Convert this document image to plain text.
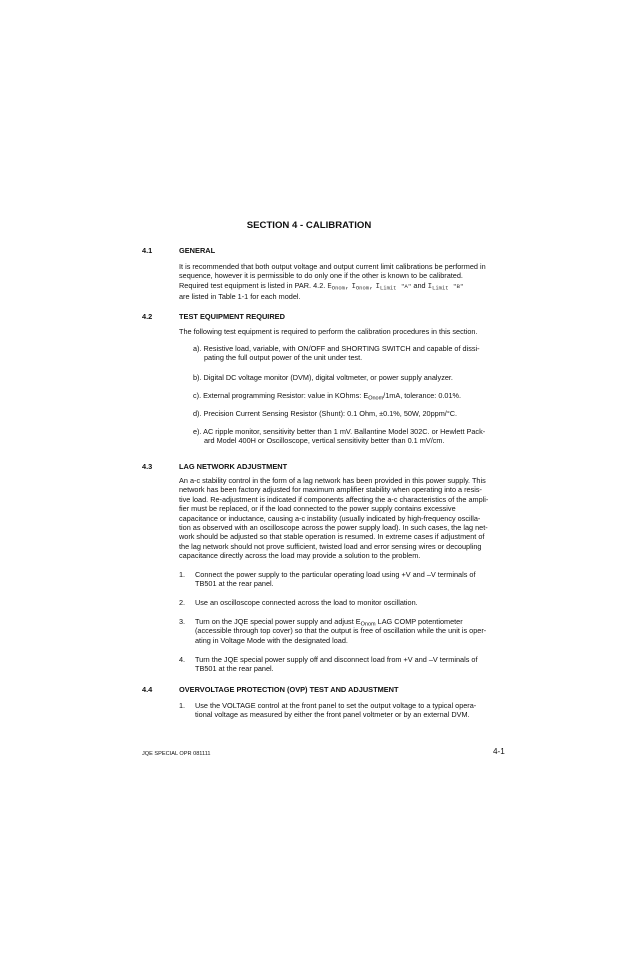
SECTION 4 - CALIBRATION
4.1	GENERAL
It is recommended that both output voltage and output current limit calibrations be performed in
sequence, however it is permissible to do only one if the other is known to be calibrated.
Required test equipment is listed in PAR. 4.2. $E_{Onom}$, $I_{Onom}$, $I_{Limit}$ "A" and $I_{Limit}$ "B"
are listed in Table 1-1 for each model.
4.2	TEST EQUIPMENT REQUIRED
The following test equipment is required to perform the calibration procedures in this section.
a). Resistive load, variable, with ON/OFF and SHORTING SWITCH and capable of dissi-
pating the full output power of the unit under test.
b). Digital DC voltage monitor (DVM), digital voltmeter, or power supply analyzer.
c). External programming Resistor: value in KOhms: $E_{Onom}/1mA$, tolerance: 0.01%.
d). Precision Current Sensing Resistor (Shunt): 0.1 Ohm, ±0.1%, 50W, 20ppm/°C.
e). AC ripple monitor, sensitivity better than 1 mV. Ballantine Model 302C. or Hewlett Pack-
ard Model 400H or Oscilloscope, vertical sensitivity better than 0.1 mV/cm.
4.3	LAG NETWORK ADJUSTMENT
An a-c stability control in the form of a lag network has been provided in this power supply. This
network has been factory adjusted for maximum amplifier stability when operating into a resis-
tive load. Re-adjustment is indicated if components affecting the a-c characteristics of the ampli-
fier must be replaced, or if the load connected to the power supply contains excessive
capacitance or inductance, causing a-c instability (usually indicated by high-frequency oscilla-
tion as observed with an oscilloscope across the power supply load). In such cases, the lag net-
work should be adjusted so that stable operation is resumed. In extreme cases if adjustment of
the lag network should not prove sufficient, twisted load and error sensing wires or decoupling
capacitance directly across the load may provide a solution to the problem.
1. Connect the power supply to the particular operating load using +V and –V terminals of
TB501 at the rear panel.
2. Use an oscilloscope connected across the load to monitor oscillation.
3. Turn on the JQE special power supply and adjust $E_{Onom}$ LAG COMP potentiometer
(accessible through top cover) so that the output is free of oscillation while the unit is oper-
ating in Voltage Mode with the designated load.
4. Turn the JQE special power supply off and disconnect load from +V and –V terminals of
TB501 at the rear panel.
4.4	OVERVOLTAGE PROTECTION (OVP) TEST AND ADJUSTMENT
1. Use the VOLTAGE control at the front panel to set the output voltage to a typical opera-
tional voltage as measured by either the front panel voltmeter or by an external DVM.
JQE SPECIAL OPR 081111	4-1
